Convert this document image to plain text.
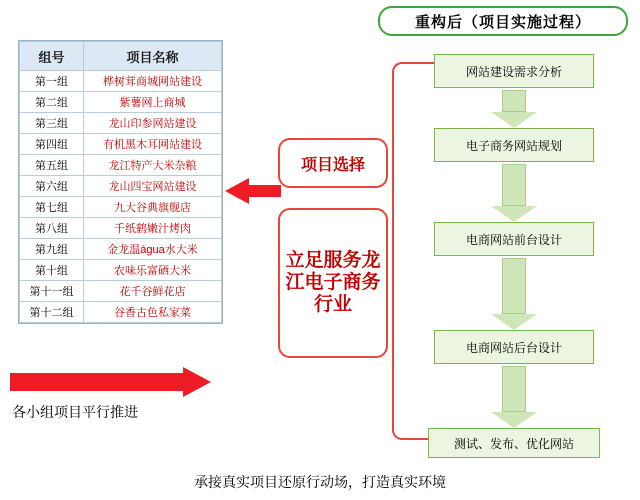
重构后（项目实施过程）
组号	项目名称
第一组	桦树茸商城网站建设
第二组	紫薯网上商城
第三组	龙山印参网站建设
第四组	有机黑木耳网站建设
第五组	龙江特产大米杂粮
第六组	龙山四宝网站建设
第七组	九大谷典旗舰店
第八组	千纸鹤嫩汁烤肉
第九组	金龙温água水大米
第十组	农味乐富硒大米
第十一组	花千谷鲜花店
第十二组	谷香古色私家菜
各小组项目平行推进
项目选择
立足服务龙江电子商务行业
网站建设需求分析
电子商务网站规划
电商网站前台设计
电商网站后台设计
测试、发布、优化网站
承接真实项目还原行动场，打造真实环境
